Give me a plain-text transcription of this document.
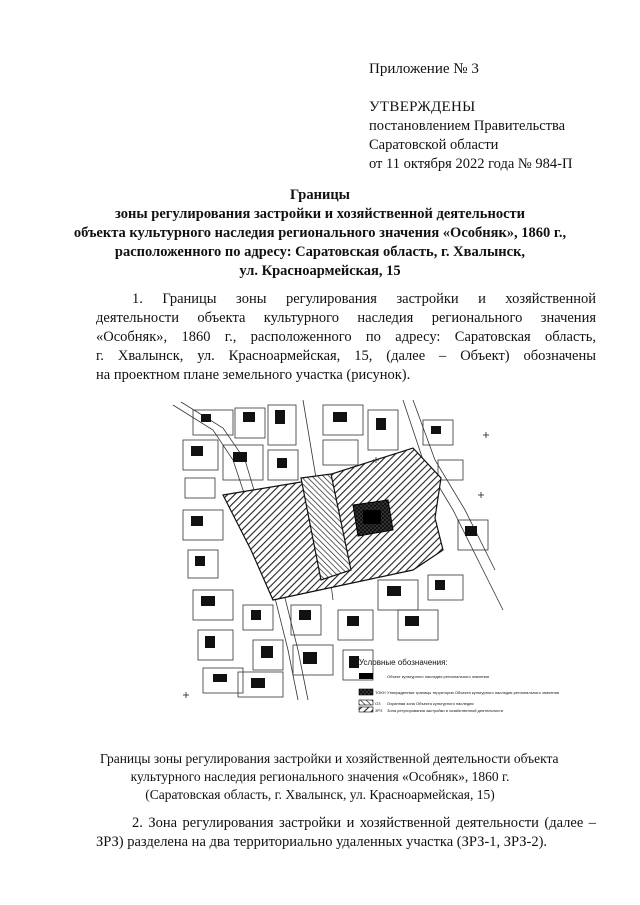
Приложение № 3
УТВЕРЖДЕНЫ
постановлением Правительства
Саратовской области
от 11 октября 2022 года № 984-П
Границы
зоны регулирования застройки и хозяйственной деятельности
объекта культурного наследия регионального значения «Особняк», 1860 г.,
расположенного по адресу: Саратовская область, г. Хвалынск,
ул. Красноармейская, 15
1. Границы зоны регулирования застройки и хозяйственной
деятельности объекта культурного наследия регионального значения
«Особняк», 1860 г., расположенного по адресу: Саратовская область,
г. Хвалынск, ул. Красноармейская, 15, (далее – Объект) обозначены
на проектном плане земельного участка (рисунок).
Условные обозначения:
Объект культурного наследия регионального значения
ТОКН Утвержденные границы территории Объекта культурного наследия регионального значения
ОЗ Охранная зона Объекта культурного наследия
ЗРЗ Зона регулирования застройки и хозяйственной деятельности
Границы зоны регулирования застройки и хозяйственной деятельности объекта
культурного наследия регионального значения «Особняк», 1860 г.
(Саратовская область, г. Хвалынск, ул. Красноармейская, 15)
2. Зона регулирования застройки и хозяйственной деятельности (далее –
ЗРЗ) разделена на два территориально удаленных участка (ЗРЗ-1, ЗРЗ-2).
